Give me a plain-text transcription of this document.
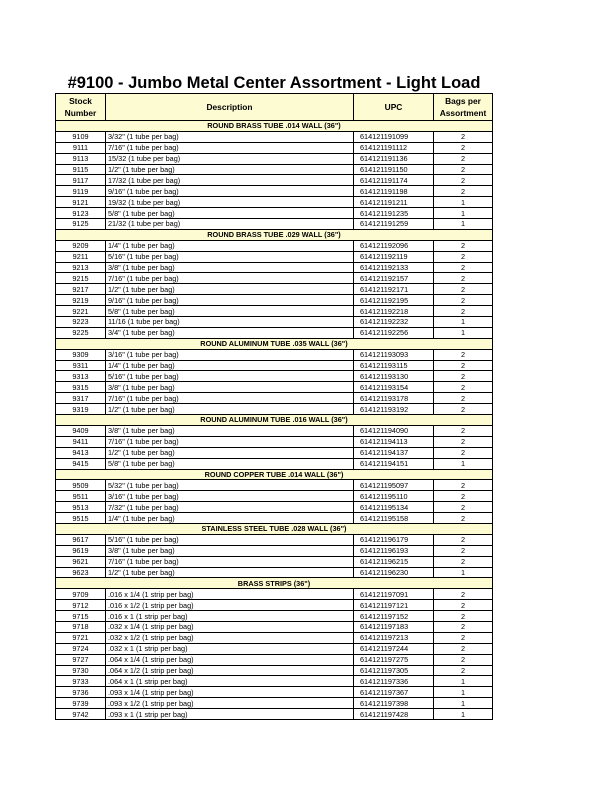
#9100 - Jumbo Metal Center Assortment - Light Load
Stock
Number	Description	UPC	Bags per
Assortment
ROUND BRASS TUBE .014 WALL (36")			
9109	3/32" (1 tube per bag)	614121191099	2
9111	7/16" (1 tube per bag)	614121191112	2
9113	15/32 (1 tube per bag)	614121191136	2
9115	1/2" (1 tube per bag)	614121191150	2
9117	17/32 (1 tube per bag)	614121191174	2
9119	9/16" (1 tube per bag)	614121191198	2
9121	19/32 (1 tube per bag)	614121191211	1
9123	5/8" (1 tube per bag)	614121191235	1
9125	21/32 (1 tube per bag)	614121191259	1
ROUND BRASS TUBE .029 WALL (36")			
9209	1/4" (1 tube per bag)	614121192096	2
9211	5/16" (1 tube per bag)	614121192119	2
9213	3/8" (1 tube per bag)	614121192133	2
9215	7/16" (1 tube per bag)	614121192157	2
9217	1/2" (1 tube per bag)	614121192171	2
9219	9/16" (1 tube per bag)	614121192195	2
9221	5/8" (1 tube per bag)	614121192218	2
9223	11/16 (1 tube per bag)	614121192232	1
9225	3/4" (1 tube per bag)	614121192256	1
ROUND ALUMINUM TUBE .035 WALL (36")			
9309	3/16" (1 tube per bag)	614121193093	2
9311	1/4" (1 tube per bag)	614121193115	2
9313	5/16" (1 tube per bag)	614121193130	2
9315	3/8" (1 tube per bag)	614121193154	2
9317	7/16" (1 tube per bag)	614121193178	2
9319	1/2" (1 tube per bag)	614121193192	2
ROUND ALUMINUM TUBE .016 WALL (36")			
9409	3/8" (1 tube per bag)	614121194090	2
9411	7/16" (1 tube per bag)	614121194113	2
9413	1/2" (1 tube per bag)	614121194137	2
9415	5/8" (1 tube per bag)	614121194151	1
ROUND COPPER TUBE .014 WALL (36")			
9509	5/32" (1 tube per bag)	614121195097	2
9511	3/16" (1 tube per bag)	614121195110	2
9513	7/32" (1 tube per bag)	614121195134	2
9515	1/4" (1 tube per bag)	614121195158	2
STAINLESS STEEL TUBE .028 WALL (36")			
9617	5/16" (1 tube per bag)	614121196179	2
9619	3/8" (1 tube per bag)	614121196193	2
9621	7/16" (1 tube per bag)	614121196215	2
9623	1/2" (1 tube per bag)	614121196230	1
BRASS STRIPS (36")			
9709	.016 x 1/4 (1 strip per bag)	614121197091	2
9712	.016 x 1/2 (1 strip per bag)	614121197121	2
9715	.016 x 1 (1 strip per bag)	614121197152	2
9718	.032 x 1/4 (1 strip per bag)	614121197183	2
9721	.032 x 1/2 (1 strip per bag)	614121197213	2
9724	.032 x 1 (1 strip per bag)	614121197244	2
9727	.064 x 1/4 (1 strip per bag)	614121197275	2
9730	.064 x 1/2 (1 strip per bag)	614121197305	2
9733	.064 x 1 (1 strip per bag)	614121197336	1
9736	.093 x 1/4 (1 strip per bag)	614121197367	1
9739	.093 x 1/2 (1 strip per bag)	614121197398	1
9742	.093 x 1 (1 strip per bag)	614121197428	1
